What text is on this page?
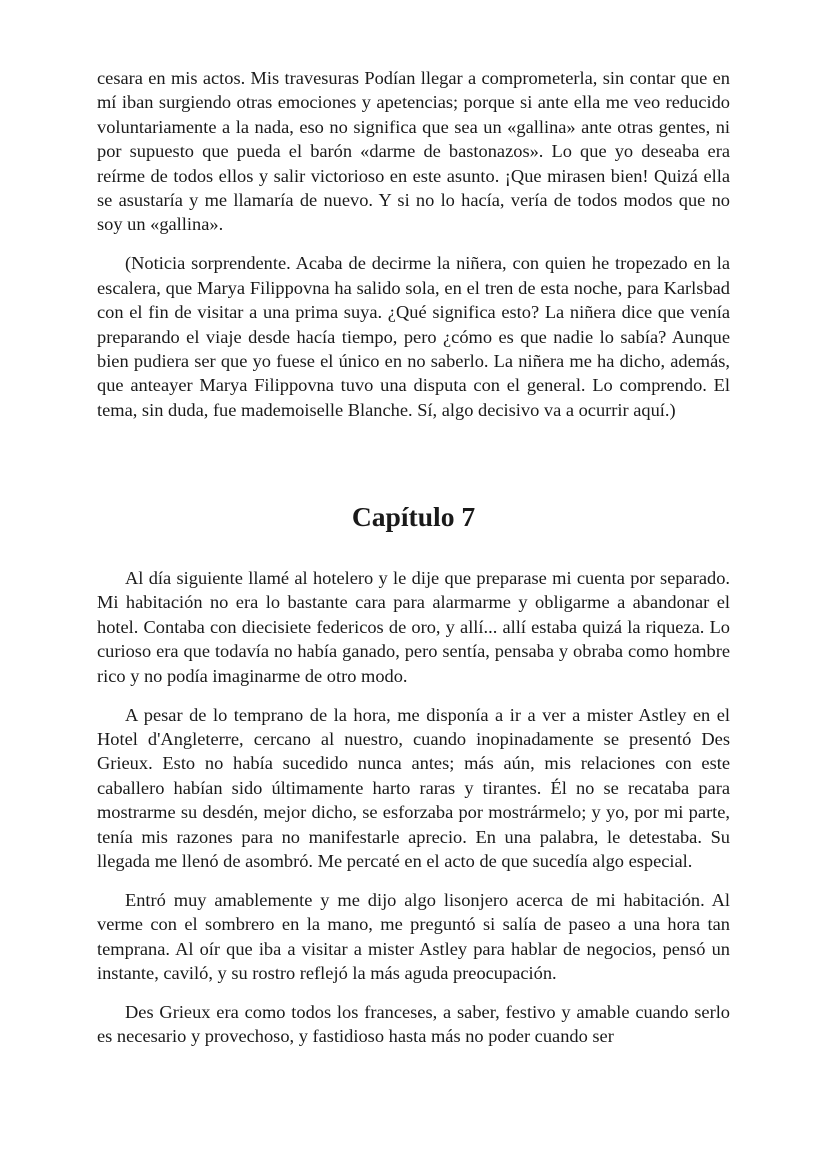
cesara en mis actos. Mis travesuras Podían llegar a comprometerla, sin contar que en mí iban surgiendo otras emociones y apetencias; porque si ante ella me veo reducido voluntariamente a la nada, eso no significa que sea un «gallina» ante otras gentes, ni por supuesto que pueda el barón «darme de bastonazos». Lo que yo deseaba era reírme de todos ellos y salir victorioso en este asunto. ¡Que mirasen bien! Quizá ella se asustaría y me llamaría de nuevo. Y si no lo hacía, vería de todos modos que no soy un «gallina».

(Noticia sorprendente. Acaba de decirme la niñera, con quien he tropezado en la escalera, que Marya Filippovna ha salido sola, en el tren de esta noche, para Karlsbad con el fin de visitar a una prima suya. ¿Qué significa esto? La niñera dice que venía preparando el viaje desde hacía tiempo, pero ¿cómo es que nadie lo sabía? Aunque bien pudiera ser que yo fuese el único en no saberlo. La niñera me ha dicho, además, que anteayer Marya Filippovna tuvo una disputa con el general. Lo comprendo. El tema, sin duda, fue mademoiselle Blanche. Sí, algo decisivo va a ocurrir aquí.)

Capítulo 7

Al día siguiente llamé al hotelero y le dije que preparase mi cuenta por separado. Mi habitación no era lo bastante cara para alarmarme y obligarme a abandonar el hotel. Contaba con diecisiete federicos de oro, y allí... allí estaba quizá la riqueza. Lo curioso era que todavía no había ganado, pero sentía, pensaba y obraba como hombre rico y no podía imaginarme de otro modo.

A pesar de lo temprano de la hora, me disponía a ir a ver a mister Astley en el Hotel d'Angleterre, cercano al nuestro, cuando inopinadamente se presentó Des Grieux. Esto no había sucedido nunca antes; más aún, mis relaciones con este caballero habían sido últimamente harto raras y tirantes. Él no se recataba para mostrarme su desdén, mejor dicho, se esforzaba por mostrármelo; y yo, por mi parte, tenía mis razones para no manifestarle aprecio. En una palabra, le detestaba. Su llegada me llenó de asombró. Me percaté en el acto de que sucedía algo especial.

Entró muy amablemente y me dijo algo lisonjero acerca de mi habitación. Al verme con el sombrero en la mano, me preguntó si salía de paseo a una hora tan temprana. Al oír que iba a visitar a mister Astley para hablar de negocios, pensó un instante, caviló, y su rostro reflejó la más aguda preocupación.

Des Grieux era como todos los franceses, a saber, festivo y amable cuando serlo es necesario y provechoso, y fastidioso hasta más no poder cuando ser
